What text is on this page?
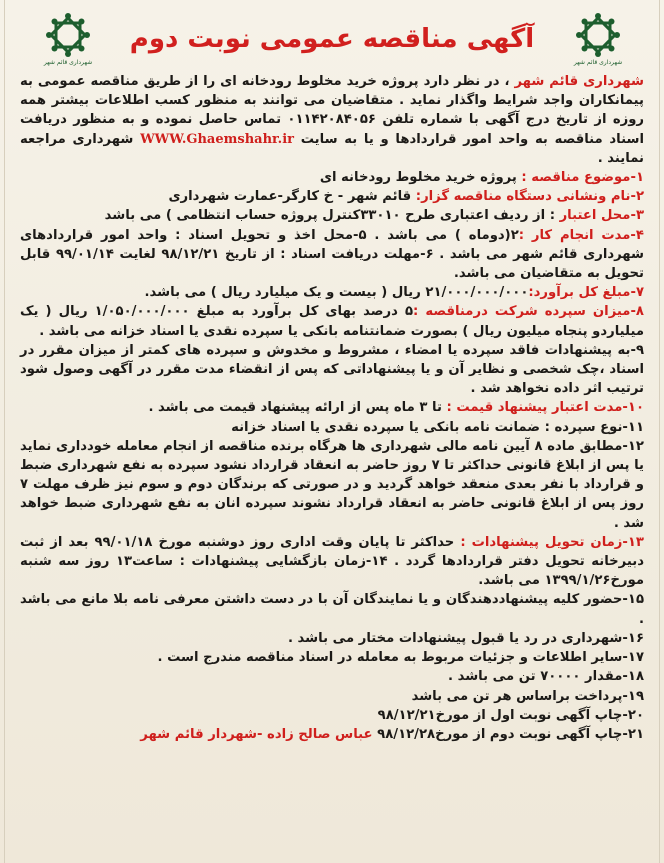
شهرداری قائم شهر
آگهی مناقصه عمومی نوبت دوم
شهرداری قائم شهر

شهرداری قائم شهر ، در نظر دارد پروژه خرید مخلوط رودخانه ای را از طریق مناقصه عمومی به پیمانکاران واجد شرایط واگذار نماید . متقاضیان می توانند به منظور کسب اطلاعات بیشتر همه روزه از تاریخ درج آگهی با شماره تلفن ۰۱۱۴۲۰۸۴۰۵۶ تماس حاصل نموده و به منظور دریافت اسناد مناقصه به واحد امور قراردادها و یا به سایت WWW.Ghaemshahr.ir شهرداری مراجعه نمایند .

۱-موضوع مناقصه : پروژه خرید مخلوط رودخانه ای

۲-نام ونشانی دستگاه مناقصه گزار: قائم شهر - خ کارگر-عمارت شهرداری

۳-محل اعتبار : از ردیف اعتباری طرح ۳۳۰۱۰کنترل پروژه حساب انتظامی ) می باشد

۴-مدت انجام کار :۲(دوماه ) می باشد . ۵-محل اخذ و تحویل اسناد : واحد امور قراردادهای شهرداری قائم شهر می باشد . ۶-مهلت دریافت اسناد : از تاریخ ۹۸/۱۲/۲۱ لغایت ۹۹/۰۱/۱۴ قابل تحویل به متقاضیان می باشد.

۷-مبلغ کل برآورد:۲۱/۰۰۰/۰۰۰/۰۰۰ ریال ( بیست و یک میلیارد ریال ) می باشد.

۸-میزان سپرده شرکت درمناقصه :۵ درصد بهای کل برآورد به مبلغ ۱/۰۵۰/۰۰۰/۰۰۰ ریال ( یک میلیاردو پنجاه میلیون ریال ) بصورت ضمانتنامه بانکی یا سپرده نقدی یا اسناد خزانه می باشد .

۹-به پیشنهادات فاقد سپرده یا امضاء ، مشروط و مخدوش و سپرده های کمتر از میزان مقرر در اسناد ،چک شخصی و نظایر آن و یا پیشنهاداتی که پس از انقضاء مدت مقرر در آگهی وصول شود ترتیب اثر داده نخواهد شد .

۱۰-مدت اعتبار پیشنهاد قیمت : تا ۳ ماه پس از ارائه پیشنهاد قیمت می باشد .

۱۱-نوع سپرده : ضمانت نامه بانکی یا سپرده نقدی یا اسناد خزانه

۱۲-مطابق ماده ۸ آیین نامه مالی شهرداری ها هرگاه برنده مناقصه از انجام معامله خودداری نماید یا پس از ابلاغ قانونی حداکثر تا ۷ روز حاضر به انعقاد قرارداد نشود سپرده به نفع شهرداری ضبط و قرارداد با نفر بعدی منعقد خواهد گردید و در صورتی که برندگان دوم و سوم نیز ظرف مهلت ۷ روز پس از ابلاغ قانونی حاضر به انعقاد قرارداد نشوند سپرده انان به نفع شهرداری ضبط خواهد شد .

۱۳-زمان تحویل پیشنهادات : حداکثر تا پایان وقت اداری روز دوشنبه مورخ ۹۹/۰۱/۱۸ بعد از ثبت دبیرخانه تحویل دفتر قراردادها گردد . ۱۴-زمان بازگشایی پیشنهادات : ساعت۱۳ روز سه شنبه مورخ۱۳۹۹/۱/۲۶ می باشد.

۱۵-حضور کلیه پیشنهاددهندگان و یا نمایندگان آن با در دست داشتن معرفی نامه بلا مانع می باشد .

۱۶-شهرداری در رد یا قبول پیشنهادات مختار می باشد .

۱۷-سایر اطلاعات و جزئیات مربوط به معامله در اسناد مناقصه مندرج است .

۱۸-مقدار ۷۰۰۰۰ تن می باشد .

۱۹-پرداخت براساس هر تن می باشد

۲۰-چاپ آگهی نوبت اول از مورخ۹۸/۱۲/۲۱

۲۱-چاپ آگهی نوبت دوم از مورخ۹۸/۱۲/۲۸ عباس صالح زاده -شهردار قائم شهر
